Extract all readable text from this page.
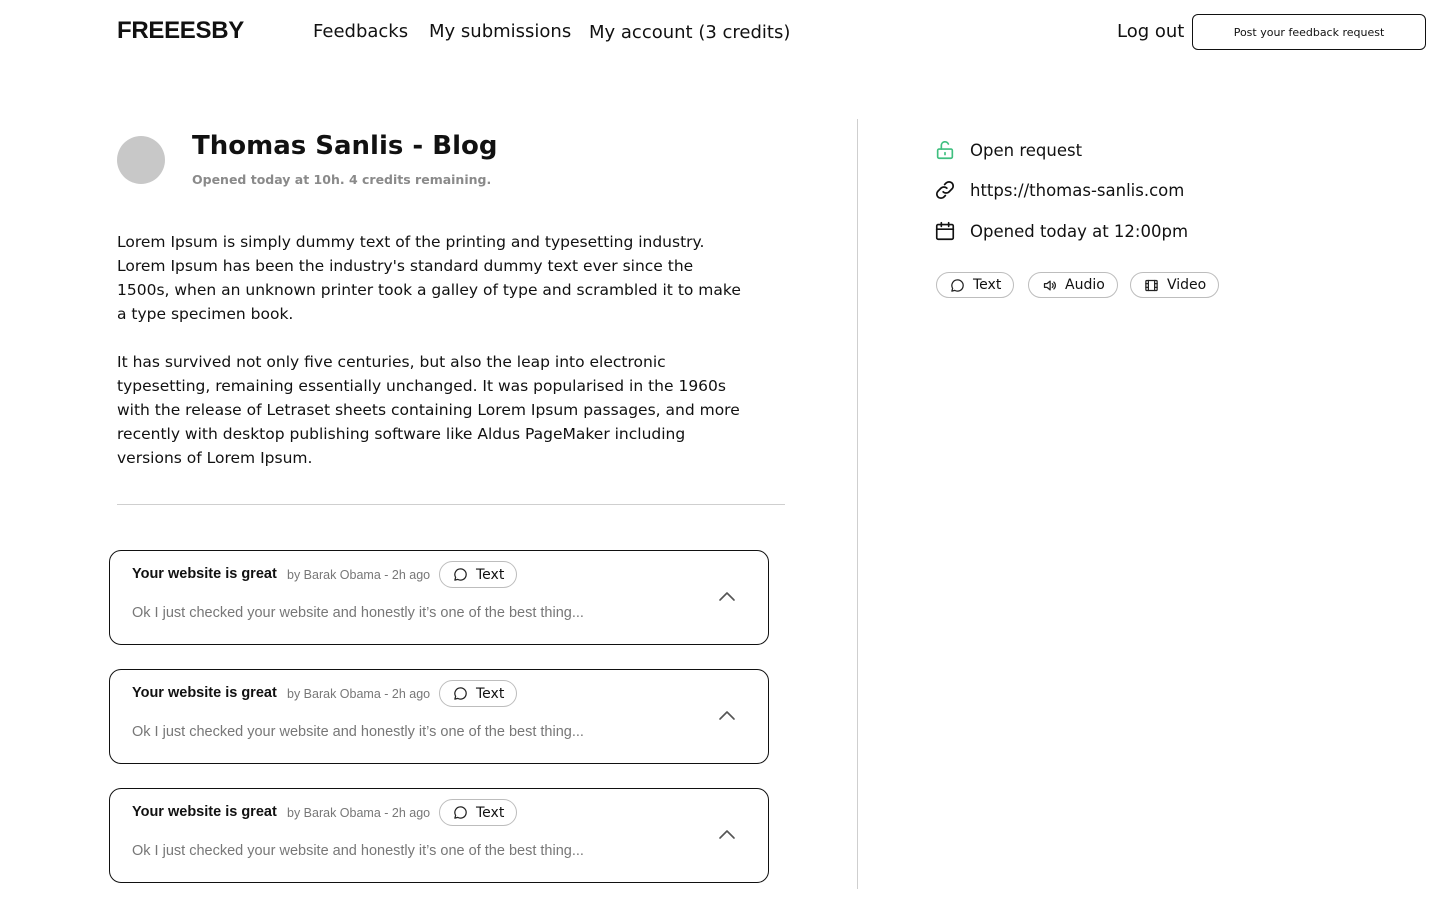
FREEESBY	Feedbacks My submissions My account (3 credits)	Log out	Post your feedback request
Thomas Sanlis - Blog
Opened today at 10h. 4 credits remaining.

Lorem Ipsum is simply dummy text of the printing and typesetting industry. Lorem Ipsum has been the industry's standard dummy text ever since the 1500s, when an unknown printer took a galley of type and scrambled it to make a type specimen book.

It has survived not only five centuries, but also the leap into electronic typesetting, remaining essentially unchanged. It was popularised in the 1960s with the release of Letraset sheets containing Lorem Ipsum passages, and more recently with desktop publishing software like Aldus PageMaker including versions of Lorem Ipsum.

Your website is great by Barak Obama - 2h ago	Text
Ok I just checked your website and honestly it’s one of the best thing...
Your website is great by Barak Obama - 2h ago	Text
Ok I just checked your website and honestly it’s one of the best thing...
Your website is great by Barak Obama - 2h ago	Text
Ok I just checked your website and honestly it’s one of the best thing...
Open request
https://thomas-sanlis.com
Opened today at 12:00pm
Text	Audio	Video
